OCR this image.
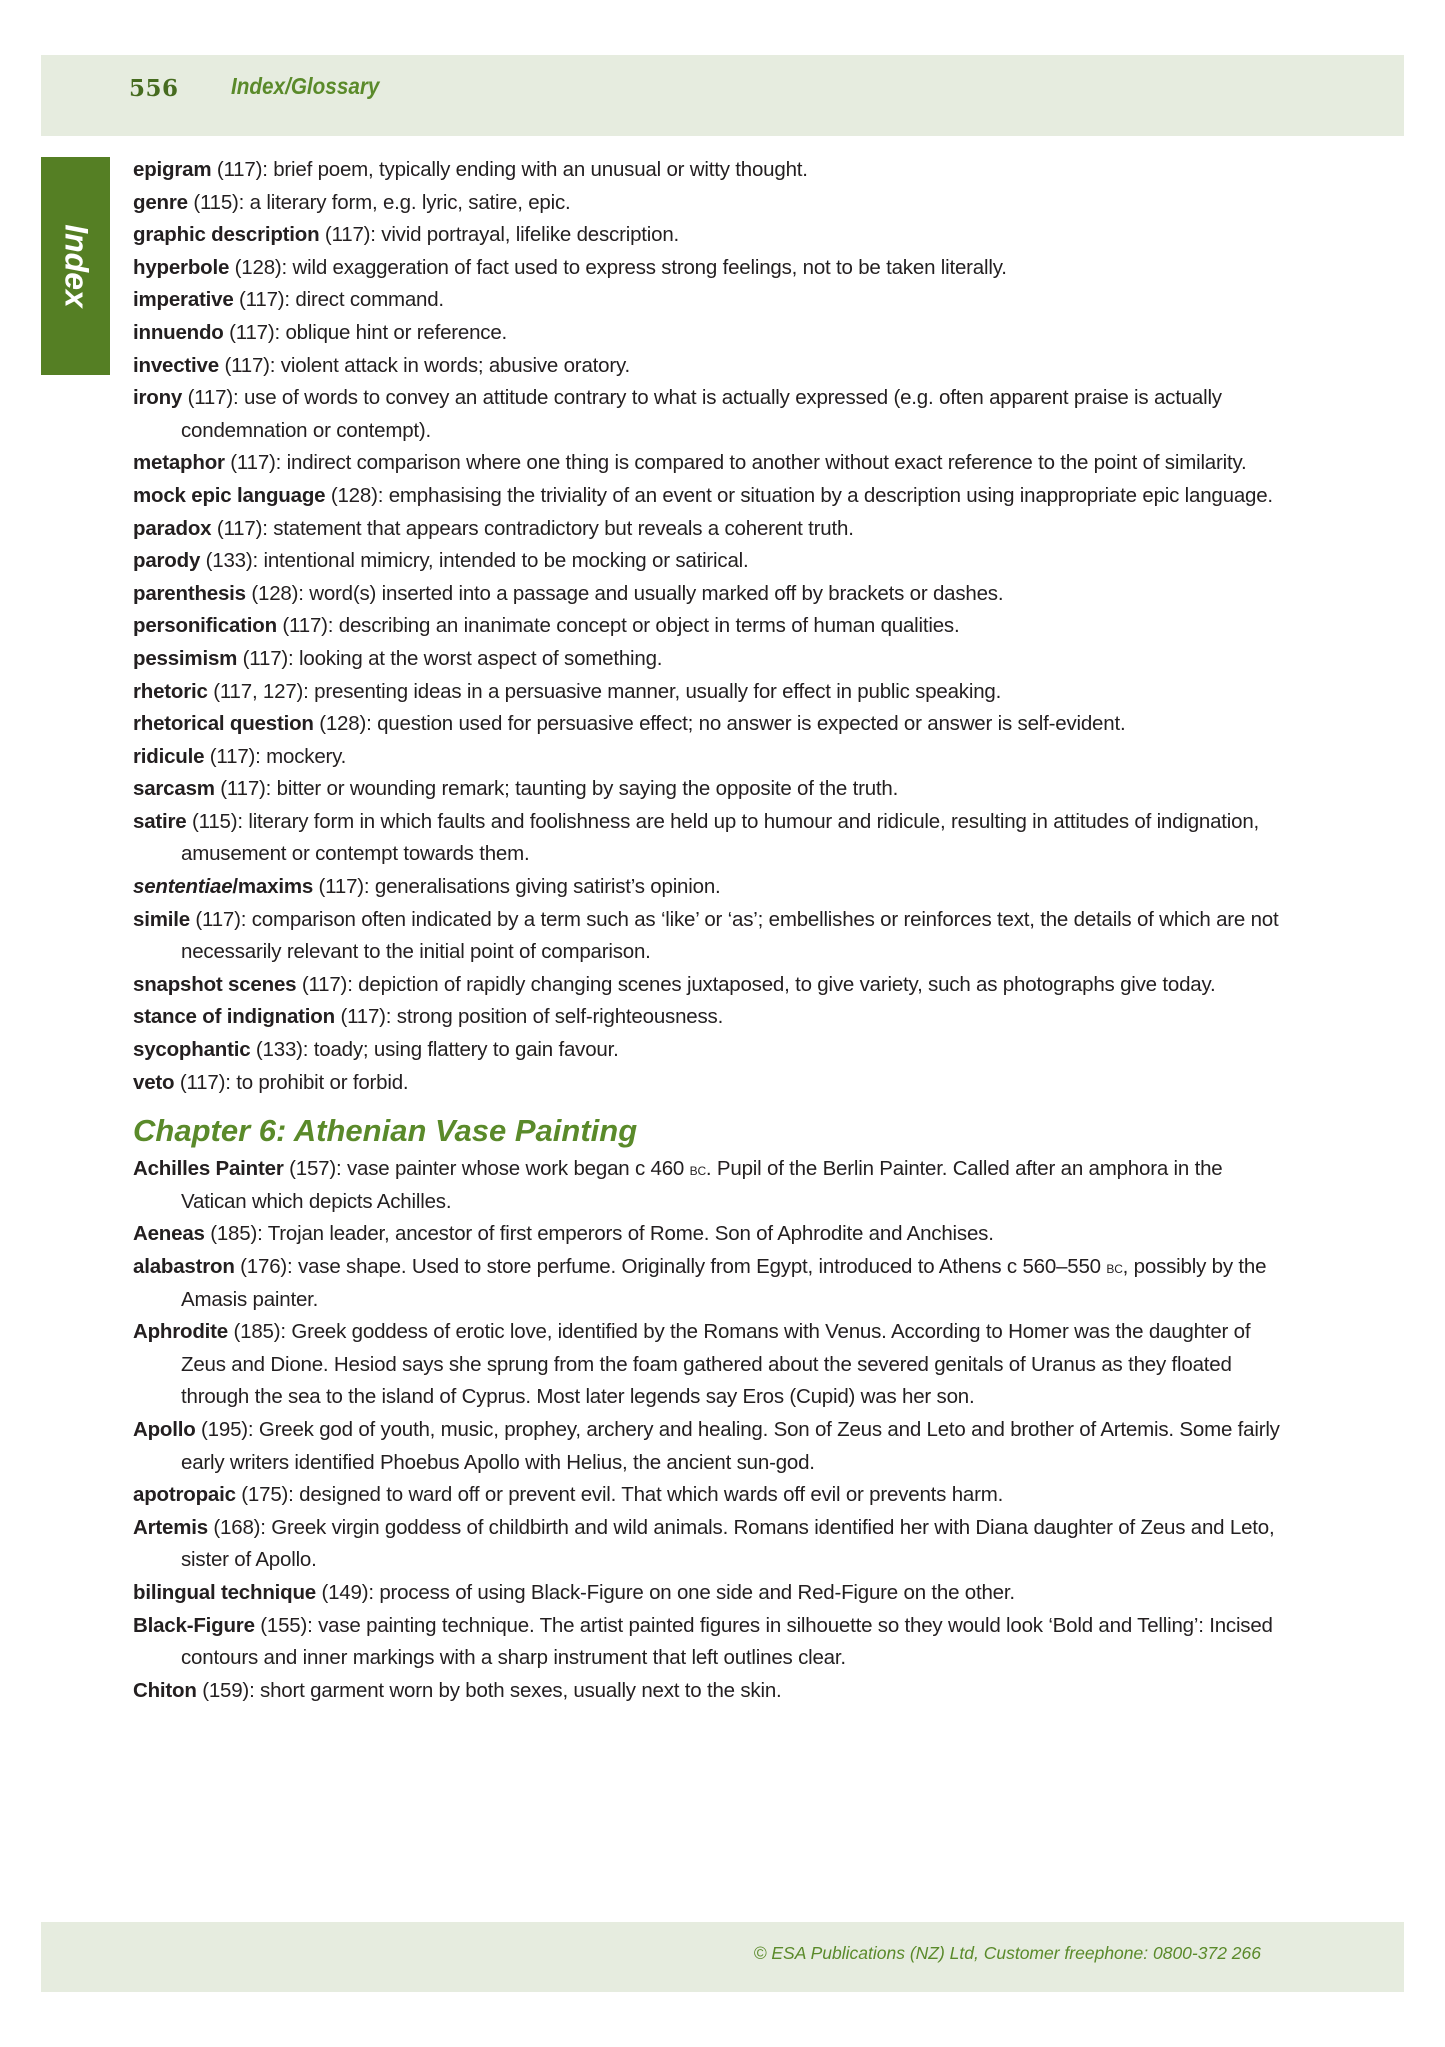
556 Index/Glossary
Index
epigram (117): brief poem, typically ending with an unusual or witty thought.
genre (115): a literary form, e.g. lyric, satire, epic.
graphic description (117): vivid portrayal, lifelike description.
hyperbole (128): wild exaggeration of fact used to express strong feelings, not to be taken literally.
imperative (117): direct command.
innuendo (117): oblique hint or reference.
invective (117): violent attack in words; abusive oratory.
irony (117): use of words to convey an attitude contrary to what is actually expressed (e.g. often apparent praise is actually condemnation or contempt).
metaphor (117): indirect comparison where one thing is compared to another without exact reference to the point of similarity.
mock epic language (128): emphasising the triviality of an event or situation by a description using inappropriate epic language.
paradox (117): statement that appears contradictory but reveals a coherent truth.
parody (133): intentional mimicry, intended to be mocking or satirical.
parenthesis (128): word(s) inserted into a passage and usually marked off by brackets or dashes.
personification (117): describing an inanimate concept or object in terms of human qualities.
pessimism (117): looking at the worst aspect of something.
rhetoric (117, 127): presenting ideas in a persuasive manner, usually for effect in public speaking.
rhetorical question (128): question used for persuasive effect; no answer is expected or answer is self-evident.
ridicule (117): mockery.
sarcasm (117): bitter or wounding remark; taunting by saying the opposite of the truth.
satire (115): literary form in which faults and foolishness are held up to humour and ridicule, resulting in attitudes of indignation, amusement or contempt towards them.
sententiae/maxims (117): generalisations giving satirist’s opinion.
simile (117): comparison often indicated by a term such as ‘like’ or ‘as’; embellishes or reinforces text, the details of which are not necessarily relevant to the initial point of comparison.
snapshot scenes (117): depiction of rapidly changing scenes juxtaposed, to give variety, such as photographs give today.
stance of indignation (117): strong position of self-righteousness.
sycophantic (133): toady; using flattery to gain favour.
veto (117): to prohibit or forbid.
Chapter 6: Athenian Vase Painting
Achilles Painter (157): vase painter whose work began c 460 bc. Pupil of the Berlin Painter. Called after an amphora in the Vatican which depicts Achilles.
Aeneas (185): Trojan leader, ancestor of first emperors of Rome. Son of Aphrodite and Anchises.
alabastron (176): vase shape. Used to store perfume. Originally from Egypt, introduced to Athens c 560–550 bc, possibly by the Amasis painter.
Aphrodite (185): Greek goddess of erotic love, identified by the Romans with Venus. According to Homer was the daughter of Zeus and Dione. Hesiod says she sprung from the foam gathered about the severed genitals of Uranus as they floated through the sea to the island of Cyprus. Most later legends say Eros (Cupid) was her son.
Apollo (195): Greek god of youth, music, prophey, archery and healing. Son of Zeus and Leto and brother of Artemis. Some fairly early writers identified Phoebus Apollo with Helius, the ancient sun-god.
apotropaic (175): designed to ward off or prevent evil. That which wards off evil or prevents harm.
Artemis (168): Greek virgin goddess of childbirth and wild animals. Romans identified her with Diana daughter of Zeus and Leto, sister of Apollo.
bilingual technique (149): process of using Black-Figure on one side and Red-Figure on the other.
Black-Figure (155): vase painting technique. The artist painted figures in silhouette so they would look ‘Bold and Telling’: Incised contours and inner markings with a sharp instrument that left outlines clear.
Chiton (159): short garment worn by both sexes, usually next to the skin.
© ESA Publications (NZ) Ltd, Customer freephone: 0800-372 266
